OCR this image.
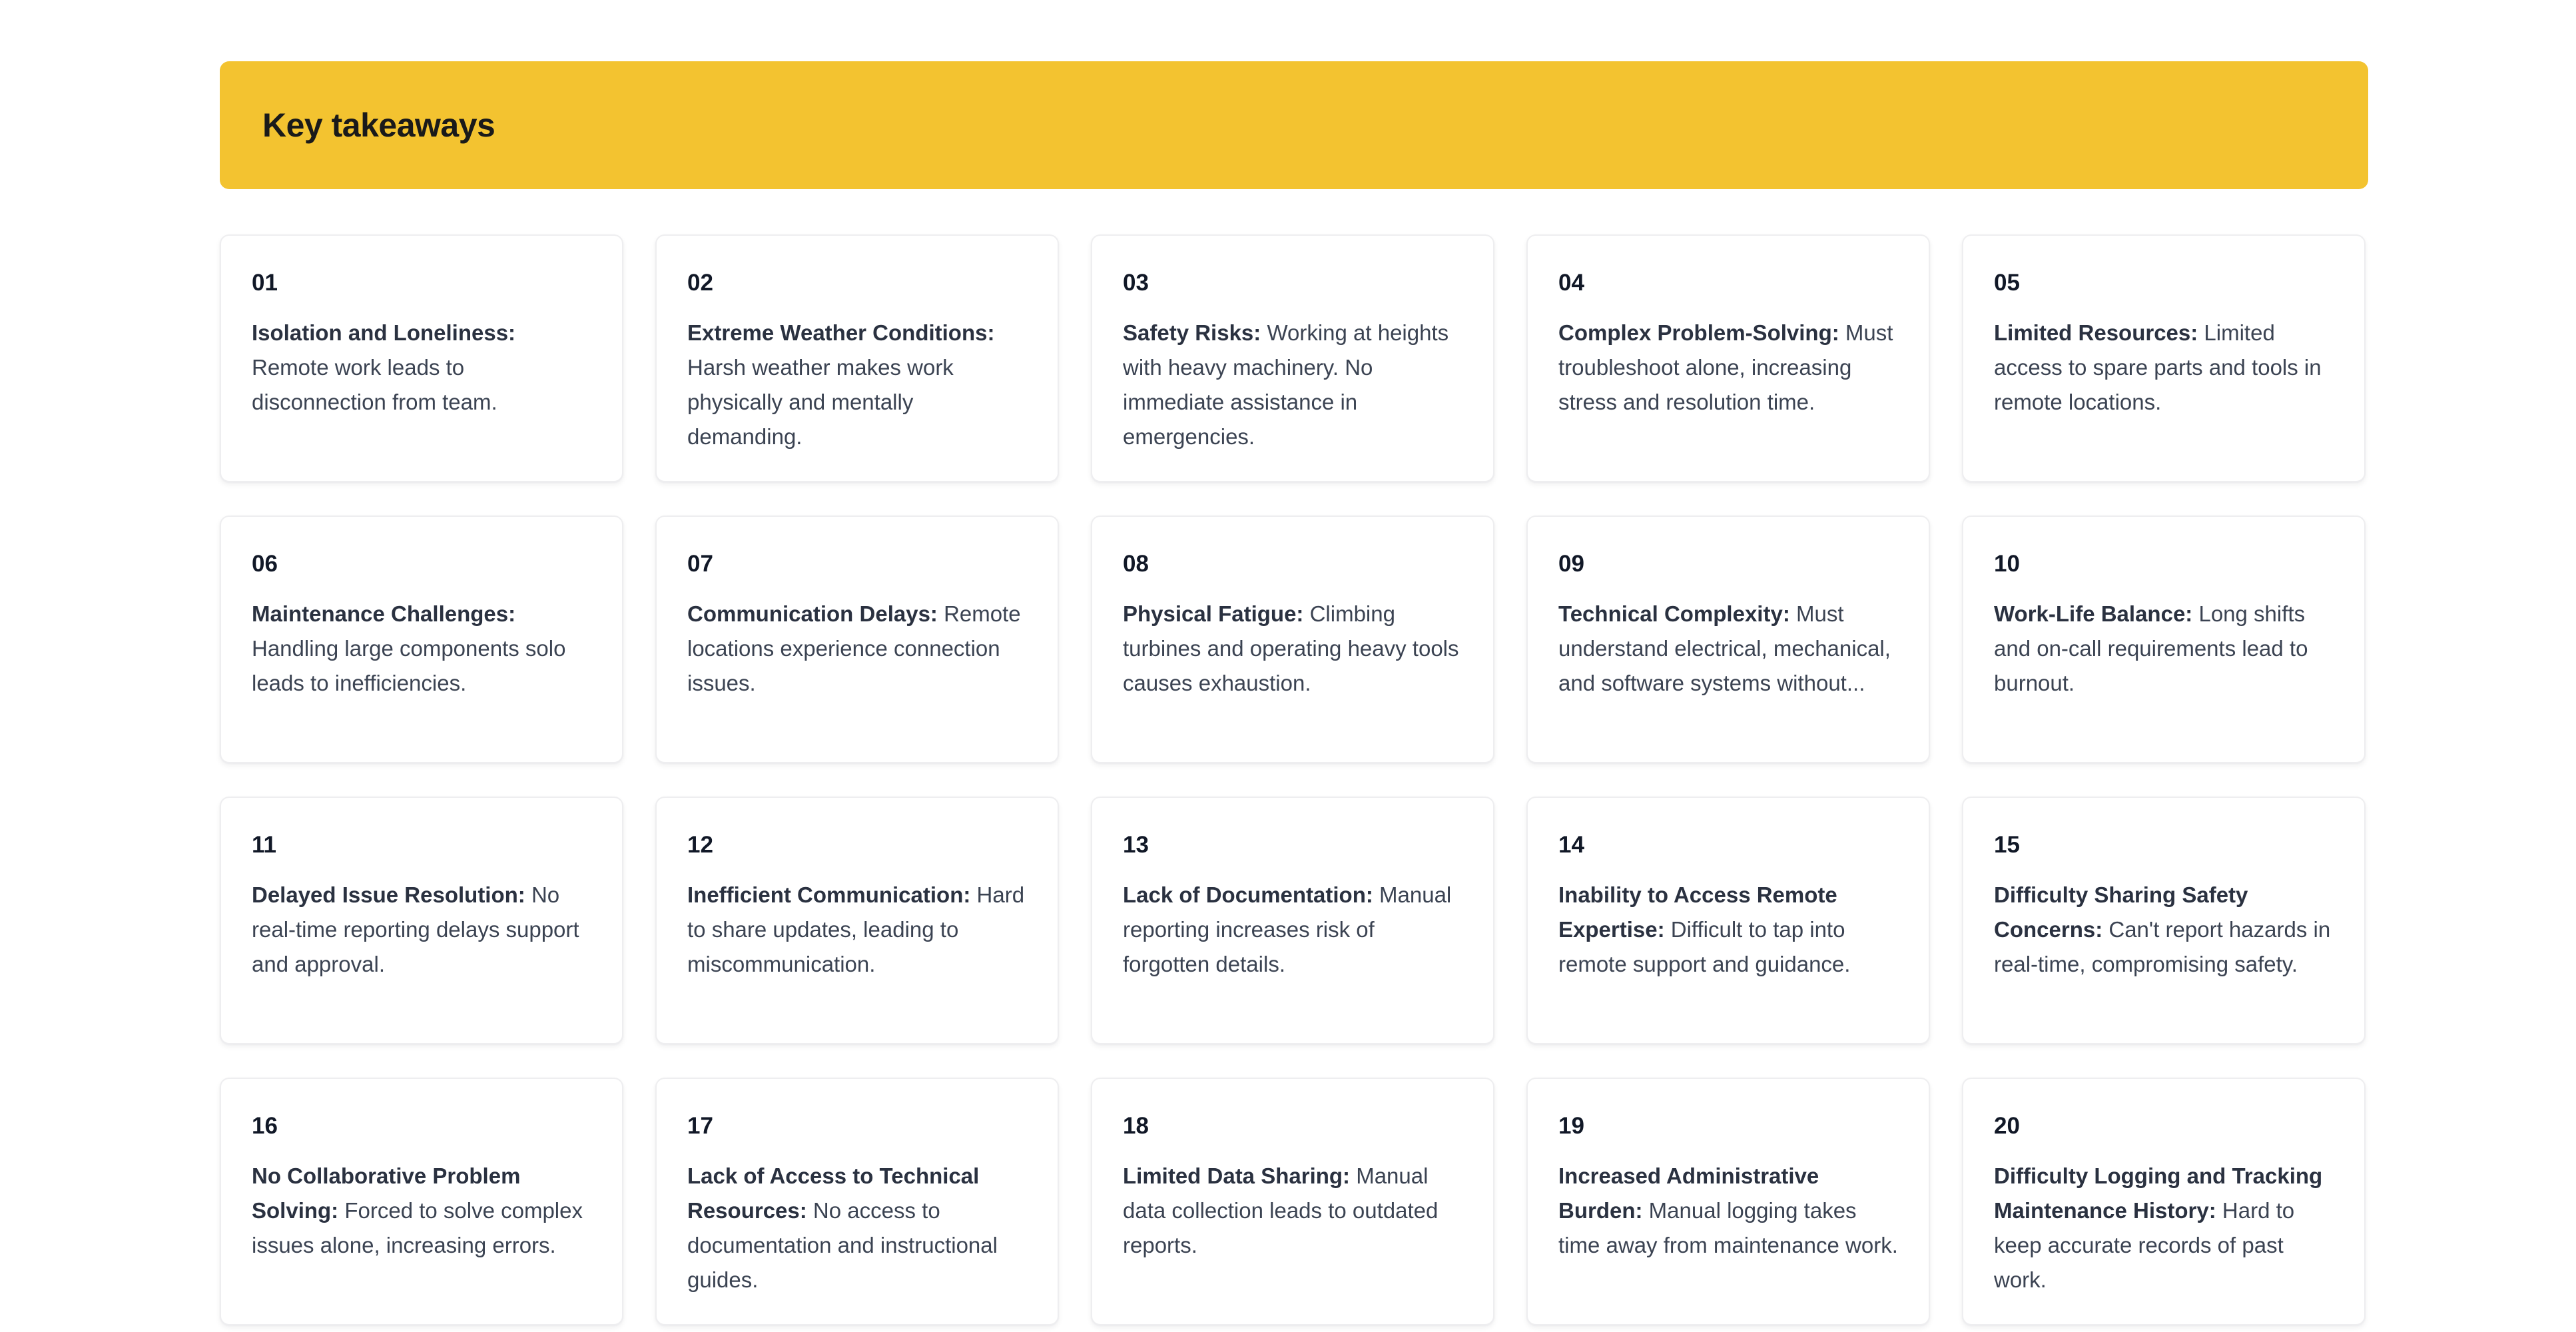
Key takeaways
01
Isolation and Loneliness: Remote work leads to disconnection from team.
02
Extreme Weather Conditions: Harsh weather makes work physically and mentally demanding.
03
Safety Risks: Working at heights with heavy machinery. No immediate assistance in emergencies.
04
Complex Problem-Solving: Must troubleshoot alone, increasing stress and resolution time.
05
Limited Resources: Limited access to spare parts and tools in remote locations.
06
Maintenance Challenges: Handling large components solo leads to inefficiencies.
07
Communication Delays: Remote locations experience connection issues.
08
Physical Fatigue: Climbing turbines and operating heavy tools causes exhaustion.
09
Technical Complexity: Must understand electrical, mechanical, and software systems without...
10
Work-Life Balance: Long shifts and on-call requirements lead to burnout.
11
Delayed Issue Resolution: No real-time reporting delays support and approval.
12
Inefficient Communication: Hard to share updates, leading to miscommunication.
13
Lack of Documentation: Manual reporting increases risk of forgotten details.
14
Inability to Access Remote Expertise: Difficult to tap into remote support and guidance.
15
Difficulty Sharing Safety Concerns: Can't report hazards in real-time, compromising safety.
16
No Collaborative Problem Solving: Forced to solve complex issues alone, increasing errors.
17
Lack of Access to Technical Resources: No access to documentation and instructional guides.
18
Limited Data Sharing: Manual data collection leads to outdated reports.
19
Increased Administrative Burden: Manual logging takes time away from maintenance work.
20
Difficulty Logging and Tracking Maintenance History: Hard to keep accurate records of past work.
